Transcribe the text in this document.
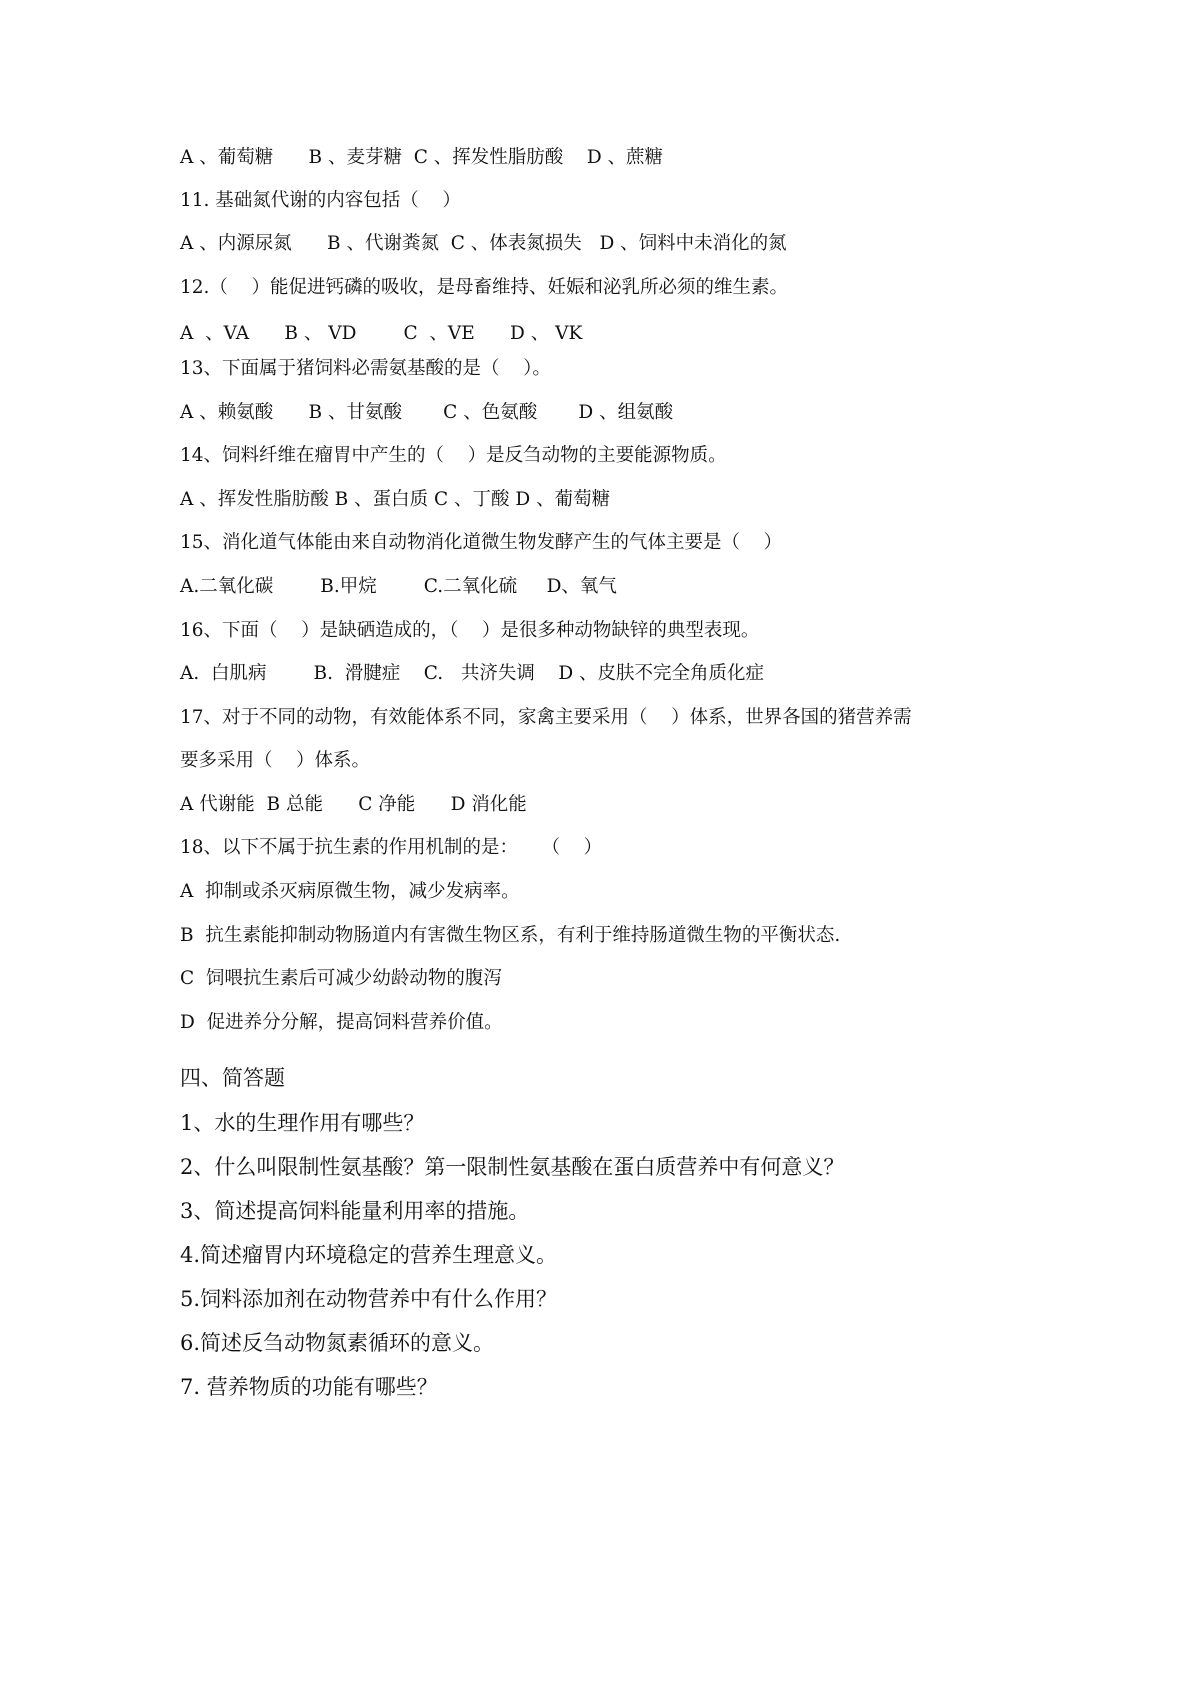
A 、葡萄糖      B 、麦芽糖  C 、挥发性脂肪酸    D 、蔗糖
11. 基础氮代谢的内容包括（    ）
A 、内源尿氮      B 、代谢粪氮  C 、体表氮损失   D 、饲料中未消化的氮
12.（    ）能促进钙磷的吸收，是母畜维持、妊娠和泌乳所必须的维生素。
A  、VA      B 、 VD        C  、VE      D 、 VK
13、下面属于猪饲料必需氨基酸的是（    ）。
A 、赖氨酸      B 、甘氨酸       C 、色氨酸       D 、组氨酸
14、饲料纤维在瘤胃中产生的（    ）是反刍动物的主要能源物质。
A 、挥发性脂肪酸 B 、蛋白质 C 、丁酸 D 、葡萄糖
15、消化道气体能由来自动物消化道微生物发酵产生的气体主要是（    ）
A.二氧化碳        B.甲烷        C.二氧化硫     D、氧气
16、下面（    ）是缺硒造成的，（    ）是很多种动物缺锌的典型表现。
A.  白肌病        B.  滑腱症    C.   共济失调    D 、皮肤不完全角质化症
17、对于不同的动物，有效能体系不同，家禽主要采用（    ）体系，世界各国的猪营养需
要多采用（    ）体系。
A 代谢能  B 总能      C 净能      D 消化能
18、以下不属于抗生素的作用机制的是：    （    ）
A  抑制或杀灭病原微生物，减少发病率。
B  抗生素能抑制动物肠道内有害微生物区系，有利于维持肠道微生物的平衡状态.
C  饲喂抗生素后可减少幼龄动物的腹泻
D  促进养分分解，提高饲料营养价值。
四、简答题
1、水的生理作用有哪些？
2、什么叫限制性氨基酸？第一限制性氨基酸在蛋白质营养中有何意义？
3、简述提高饲料能量利用率的措施。
4.简述瘤胃内环境稳定的营养生理意义。
5.饲料添加剂在动物营养中有什么作用？
6.简述反刍动物氮素循环的意义。
7. 营养物质的功能有哪些？
